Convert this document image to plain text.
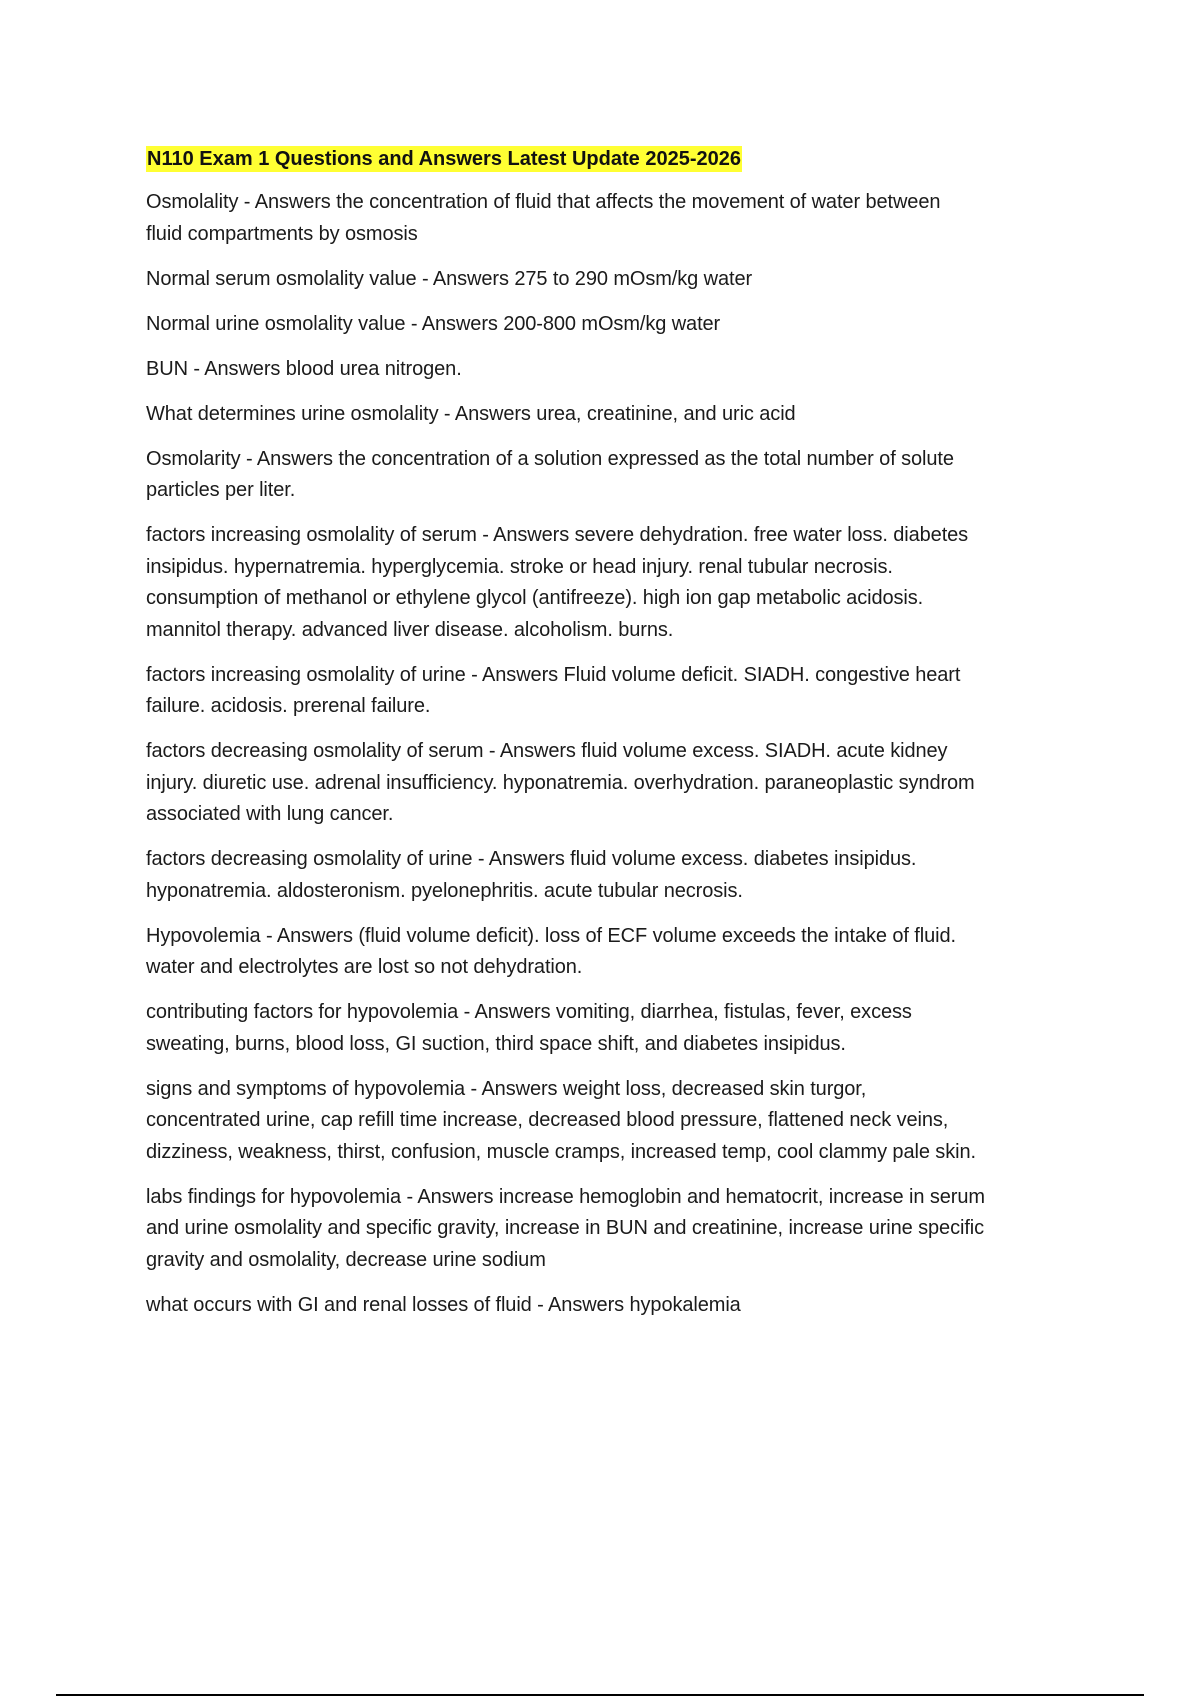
N110 Exam 1 Questions and Answers Latest Update 2025-2026
Osmolality - Answers the concentration of fluid that affects the movement of water between
fluid compartments by osmosis
Normal serum osmolality value - Answers 275 to 290 mOsm/kg water
Normal urine osmolality value - Answers 200-800 mOsm/kg water
BUN - Answers blood urea nitrogen.
What determines urine osmolality - Answers urea, creatinine, and uric acid
Osmolarity - Answers the concentration of a solution expressed as the total number of solute
particles per liter.
factors increasing osmolality of serum - Answers severe dehydration. free water loss. diabetes
insipidus. hypernatremia. hyperglycemia. stroke or head injury. renal tubular necrosis.
consumption of methanol or ethylene glycol (antifreeze). high ion gap metabolic acidosis.
mannitol therapy. advanced liver disease. alcoholism. burns.
factors increasing osmolality of urine - Answers Fluid volume deficit. SIADH. congestive heart
failure. acidosis. prerenal failure.
factors decreasing osmolality of serum - Answers fluid volume excess. SIADH. acute kidney
injury. diuretic use. adrenal insufficiency. hyponatremia. overhydration. paraneoplastic syndrom
associated with lung cancer.
factors decreasing osmolality of urine - Answers fluid volume excess. diabetes insipidus.
hyponatremia. aldosteronism. pyelonephritis. acute tubular necrosis.
Hypovolemia - Answers (fluid volume deficit). loss of ECF volume exceeds the intake of fluid.
water and electrolytes are lost so not dehydration.
contributing factors for hypovolemia - Answers vomiting, diarrhea, fistulas, fever, excess
sweating, burns, blood loss, GI suction, third space shift, and diabetes insipidus.
signs and symptoms of hypovolemia - Answers weight loss, decreased skin turgor,
concentrated urine, cap refill time increase, decreased blood pressure, flattened neck veins,
dizziness, weakness, thirst, confusion, muscle cramps, increased temp, cool clammy pale skin.
labs findings for hypovolemia - Answers increase hemoglobin and hematocrit, increase in serum
and urine osmolality and specific gravity, increase in BUN and creatinine, increase urine specific
gravity and osmolality, decrease urine sodium
what occurs with GI and renal losses of fluid - Answers hypokalemia
